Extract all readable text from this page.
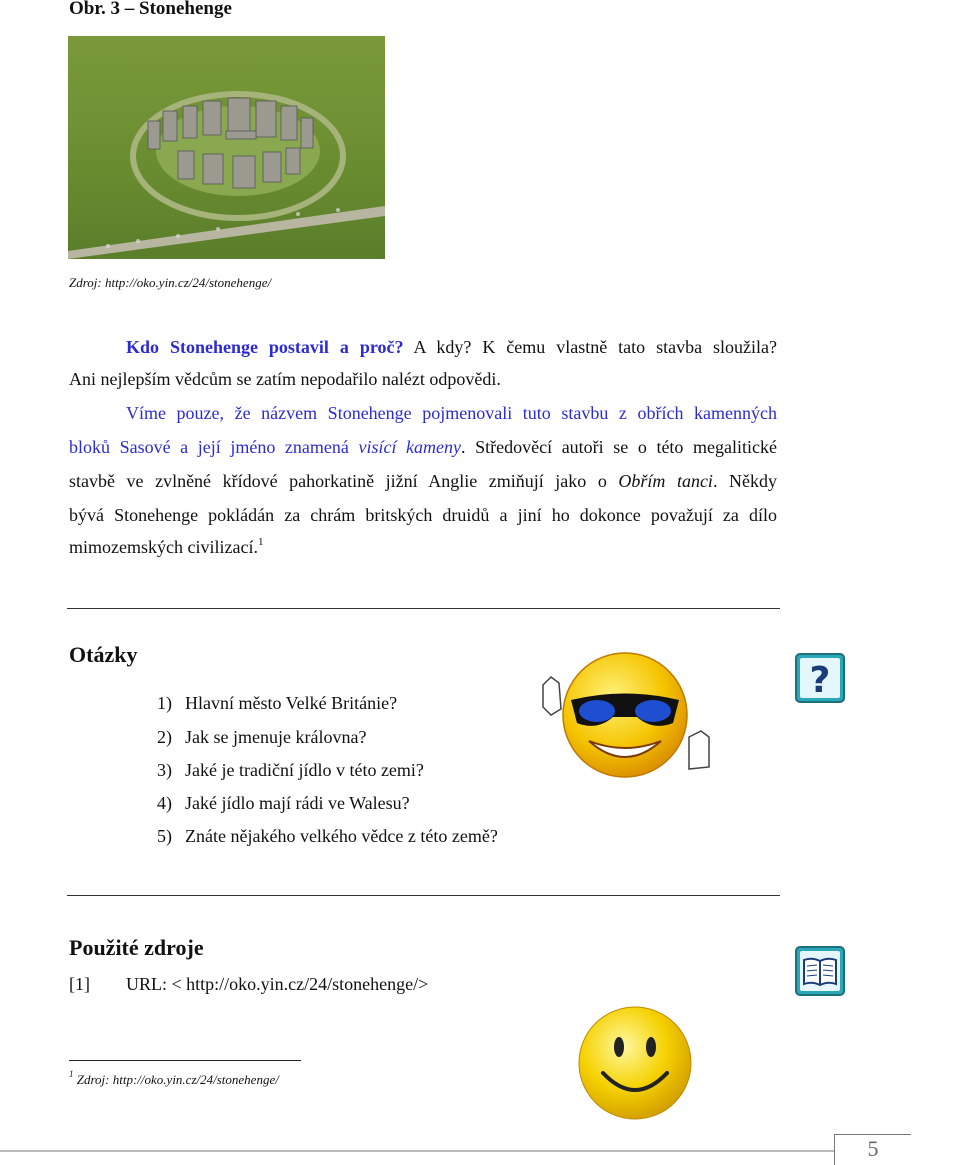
Obr. 3 – Stonehenge
Zdroj: http://oko.yin.cz/24/stonehenge/
Kdo Stonehenge postavil a proč? A kdy? K čemu vlastně tato stavba sloužila?
Ani nejlepším vědcům se zatím nepodařilo nalézt odpovědi.
Víme pouze, že názvem Stonehenge pojmenovali tuto stavbu z obřích kamenných
bloků Sasové a její jméno znamená visící kameny. Středověcí autoři se o této megalitické
stavbě ve zvlněné křídové pahorkatině jižní Anglie zmiňují jako o Obřím tanci. Někdy
bývá Stonehenge pokládán za chrám britských druidů a jiní ho dokonce považují za dílo
mimozemských civilizací.$^1$
Otázky
1) Hlavní město Velké Británie?
2) Jak se jmenuje královna?
3) Jaké je tradiční jídlo v této zemi?
4) Jaké jídlo mají rádi ve Walesu?
5) Znáte nějakého velkého vědce z této země?
?
Použité zdroje
[1] URL: < http://oko.yin.cz/24/stonehenge/>
$^1$ Zdroj: http://oko.yin.cz/24/stonehenge/
5
